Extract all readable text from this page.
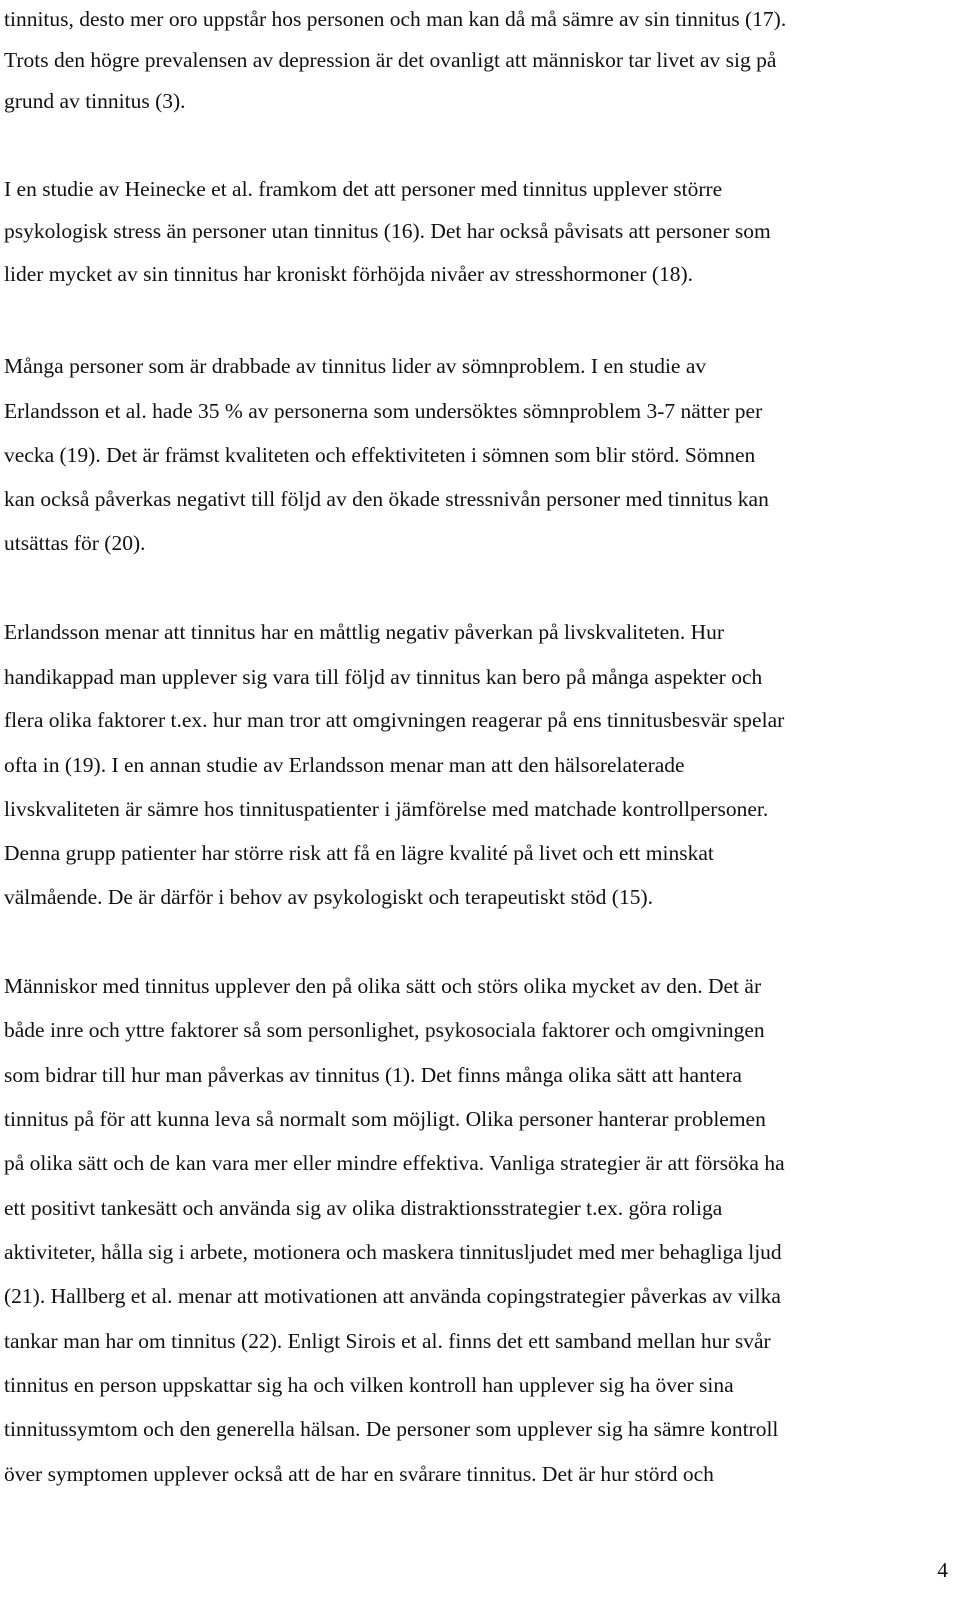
tinnitus, desto mer oro uppstår hos personen och man kan då må sämre av sin tinnitus (17).
Trots den högre prevalensen av depression är det ovanligt att människor tar livet av sig på
grund av tinnitus (3).
I en studie av Heinecke et al. framkom det att personer med tinnitus upplever större
psykologisk stress än personer utan tinnitus (16). Det har också påvisats att personer som
lider mycket av sin tinnitus har kroniskt förhöjda nivåer av stresshormoner (18).
Många personer som är drabbade av tinnitus lider av sömnproblem. I en studie av
Erlandsson et al. hade 35 % av personerna som undersöktes sömnproblem 3-7 nätter per
vecka (19). Det är främst kvaliteten och effektiviteten i sömnen som blir störd. Sömnen
kan också påverkas negativt till följd av den ökade stressnivån personer med tinnitus kan
utsättas för (20).
Erlandsson menar att tinnitus har en måttlig negativ påverkan på livskvaliteten. Hur
handikappad man upplever sig vara till följd av tinnitus kan bero på många aspekter och
flera olika faktorer t.ex. hur man tror att omgivningen reagerar på ens tinnitusbesvär spelar
ofta in (19). I en annan studie av Erlandsson menar man att den hälsorelaterade
livskvaliteten är sämre hos tinnituspatienter i jämförelse med matchade kontrollpersoner.
Denna grupp patienter har större risk att få en lägre kvalité på livet och ett minskat
välmående. De är därför i behov av psykologiskt och terapeutiskt stöd (15).
Människor med tinnitus upplever den på olika sätt och störs olika mycket av den. Det är
både inre och yttre faktorer så som personlighet, psykosociala faktorer och omgivningen
som bidrar till hur man påverkas av tinnitus (1). Det finns många olika sätt att hantera
tinnitus på för att kunna leva så normalt som möjligt. Olika personer hanterar problemen
på olika sätt och de kan vara mer eller mindre effektiva. Vanliga strategier är att försöka ha
ett positivt tankesätt och använda sig av olika distraktionsstrategier t.ex. göra roliga
aktiviteter, hålla sig i arbete, motionera och maskera tinnitusljudet med mer behagliga ljud
(21). Hallberg et al. menar att motivationen att använda copingstrategier påverkas av vilka
tankar man har om tinnitus (22). Enligt Sirois et al. finns det ett samband mellan hur svår
tinnitus en person uppskattar sig ha och vilken kontroll han upplever sig ha över sina
tinnitussymtom och den generella hälsan. De personer som upplever sig ha sämre kontroll
över symptomen upplever också att de har en svårare tinnitus. Det är hur störd och
4
